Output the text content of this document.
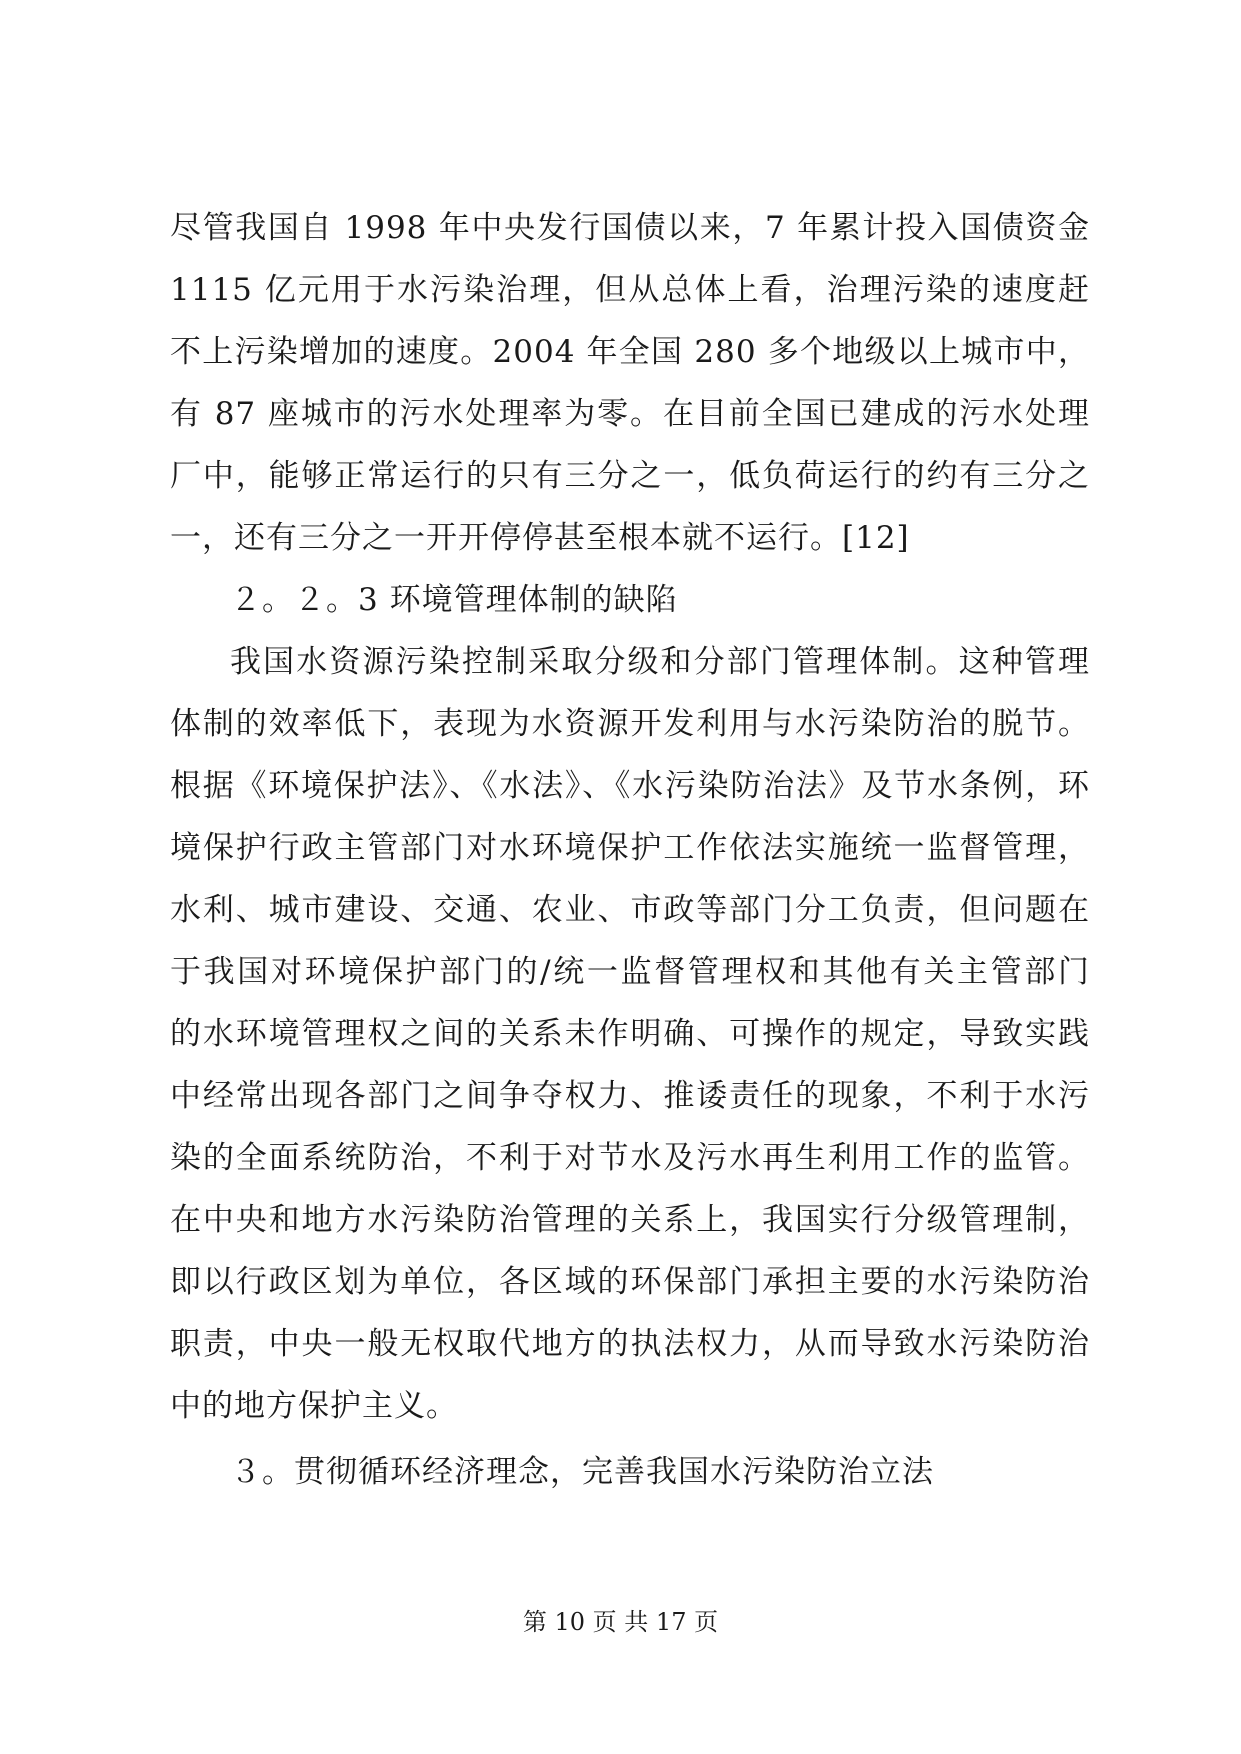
尽管我国自 1998 年中央发行国债以来，7 年累计投入国债资金
1115 亿元用于水污染治理，但从总体上看，治理污染的速度赶
不上污染增加的速度。2004 年全国 280 多个地级以上城市中，
有 87 座城市的污水处理率为零。在目前全国已建成的污水处理
厂中，能够正常运行的只有三分之一，低负荷运行的约有三分之
一，还有三分之一开开停停甚至根本就不运行。[12]
２。２。3 环境管理体制的缺陷
我国水资源污染控制采取分级和分部门管理体制。这种管理
体制的效率低下，表现为水资源开发利用与水污染防治的脱节。
根据《环境保护法》、《水法》、《水污染防治法》及节水条例，环
境保护行政主管部门对水环境保护工作依法实施统一监督管理，
水利、城市建设、交通、农业、市政等部门分工负责，但问题在
于我国对环境保护部门的/统一监督管理权和其他有关主管部门
的水环境管理权之间的关系未作明确、可操作的规定，导致实践
中经常出现各部门之间争夺权力、推诿责任的现象，不利于水污
染的全面系统防治，不利于对节水及污水再生利用工作的监管。
在中央和地方水污染防治管理的关系上，我国实行分级管理制，
即以行政区划为单位，各区域的环保部门承担主要的水污染防治
职责，中央一般无权取代地方的执法权力，从而导致水污染防治
中的地方保护主义。
３。贯彻循环经济理念，完善我国水污染防治立法
第 10 页 共 17 页
